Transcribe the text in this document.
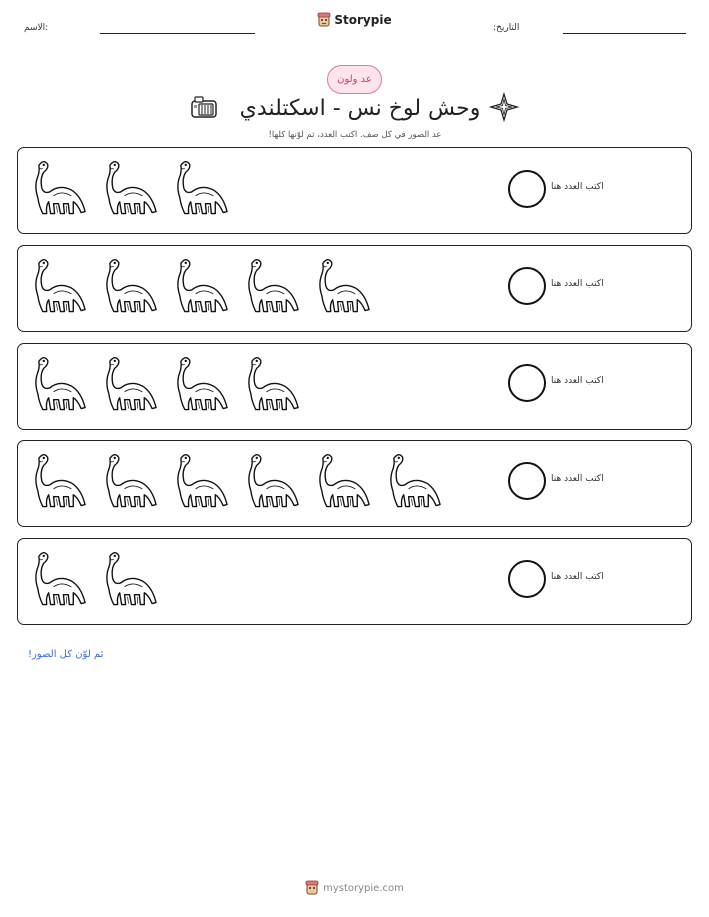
الاسم:
Storypie
التاريخ:
عد ولون
وحش لوخ نس - اسكتلندي
عد الصور في كل صف. اكتب العدد، ثم لوّنها كلها!
اكتب العدد هنا
اكتب العدد هنا
اكتب العدد هنا
اكتب العدد هنا
اكتب العدد هنا
ثم لوّن كل الصور!
mystorypie.com
